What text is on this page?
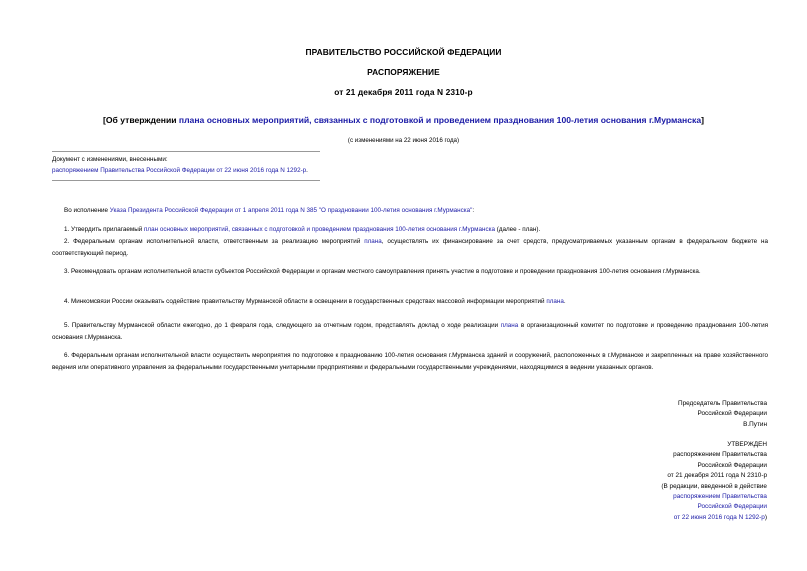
ПРАВИТЕЛЬСТВО РОССИЙСКОЙ ФЕДЕРАЦИИ
РАСПОРЯЖЕНИЕ
от 21 декабря 2011 года N 2310-р
[Об утверждении плана основных мероприятий, связанных с подготовкой и проведением празднования 100-летия основания г.Мурманска]
(с изменениями на 22 июня 2016 года)
Документ с изменениями, внесенными:
распоряжением Правительства Российской Федерации от 22 июня 2016 года N 1292-р.
Во исполнение Указа Президента Российской Федерации от 1 апреля 2011 года N 385 "О праздновании 100-летия основания г.Мурманска":
1. Утвердить прилагаемый план основных мероприятий, связанных с подготовкой и проведением празднования 100-летия основания г.Мурманска (далее - план).
2. Федеральным органам исполнительной власти, ответственным за реализацию мероприятий плана, осуществлять их финансирование за счет средств, предусматриваемых указанным органам в федеральном бюджете на соответствующий период.
3. Рекомендовать органам исполнительной власти субъектов Российской Федерации и органам местного самоуправления принять участие в подготовке и проведении празднования 100-летия основания г.Мурманска.
4. Минкомсвязи России оказывать содействие правительству Мурманской области в освещении в государственных средствах массовой информации мероприятий плана.
5. Правительству Мурманской области ежегодно, до 1 февраля года, следующего за отчетным годом, представлять доклад о ходе реализации плана в организационный комитет по подготовке и проведению празднования 100-летия основания г.Мурманска.
6. Федеральным органам исполнительной власти осуществить мероприятия по подготовке к празднованию 100-летия основания г.Мурманска зданий и сооружений, расположенных в г.Мурманске и закрепленных на праве хозяйственного ведения или оперативного управления за федеральными государственными унитарными предприятиями и федеральными государственными учреждениями, находящимися в ведении указанных органов.
Председатель Правительства
Российской Федерации
В.Путин
УТВЕРЖДЕН
распоряжением Правительства
Российской Федерации
от 21 декабря 2011 года N 2310-р
(В редакции, введенной в действие
распоряжением Правительства
Российской Федерации
от 22 июня 2016 года N 1292-р)
